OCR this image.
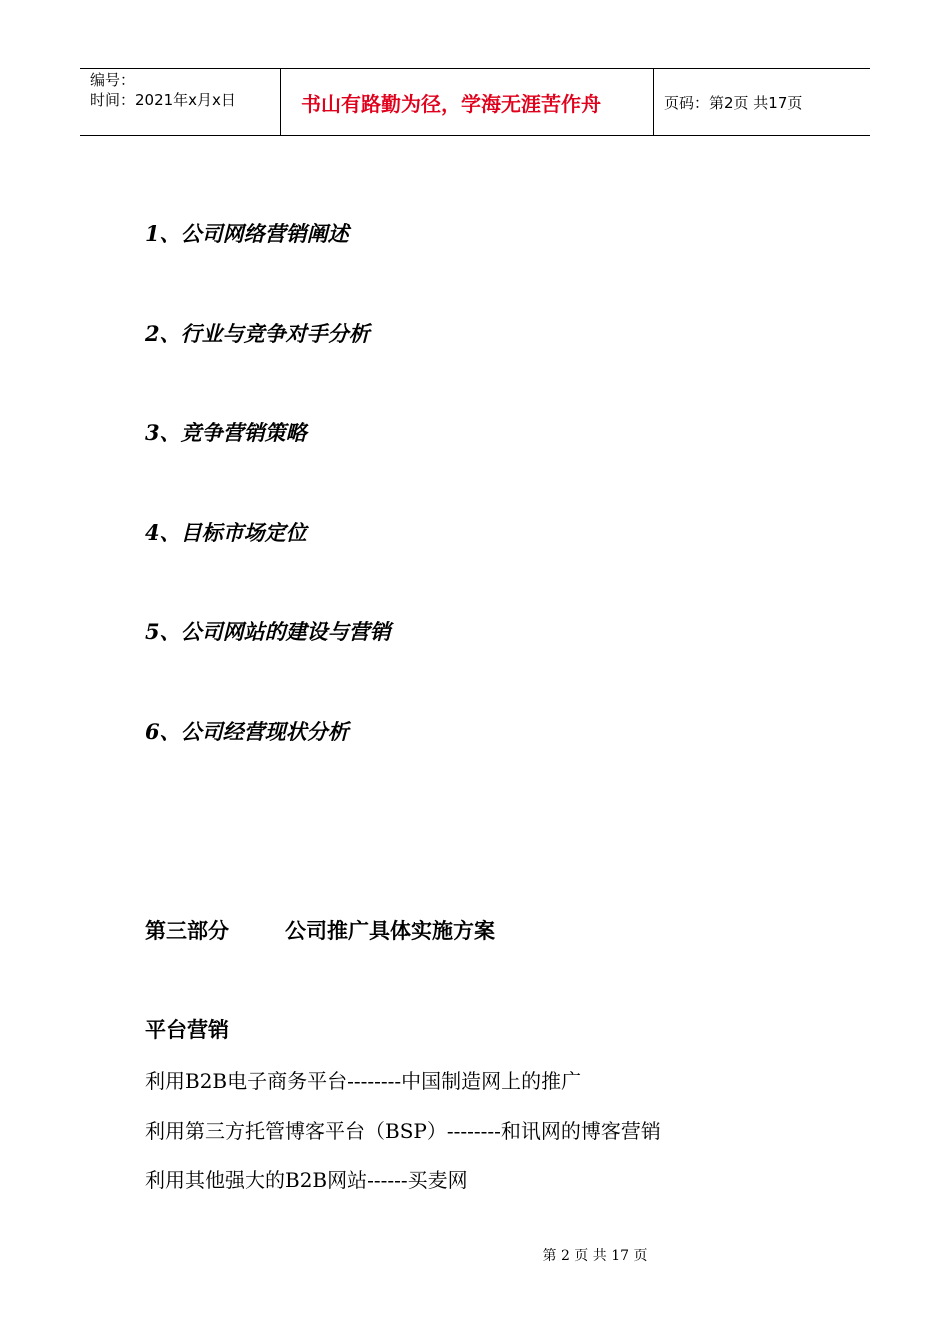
编号：
时间：2021年x月x日	书山有路勤为径，学海无涯苦作舟	页码：第2页 共17页
1、公司网络营销阐述
2、行业与竞争对手分析
3、竞争营销策略
4、目标市场定位
5、公司网站的建设与营销
6、公司经营现状分析
第三部分	公司推广具体实施方案
平台营销
利用B2B电子商务平台--------中国制造网上的推广
利用第三方托管博客平台（BSP）--------和讯网的博客营销
利用其他强大的B2B网站------买麦网
第 2 页 共 17 页
